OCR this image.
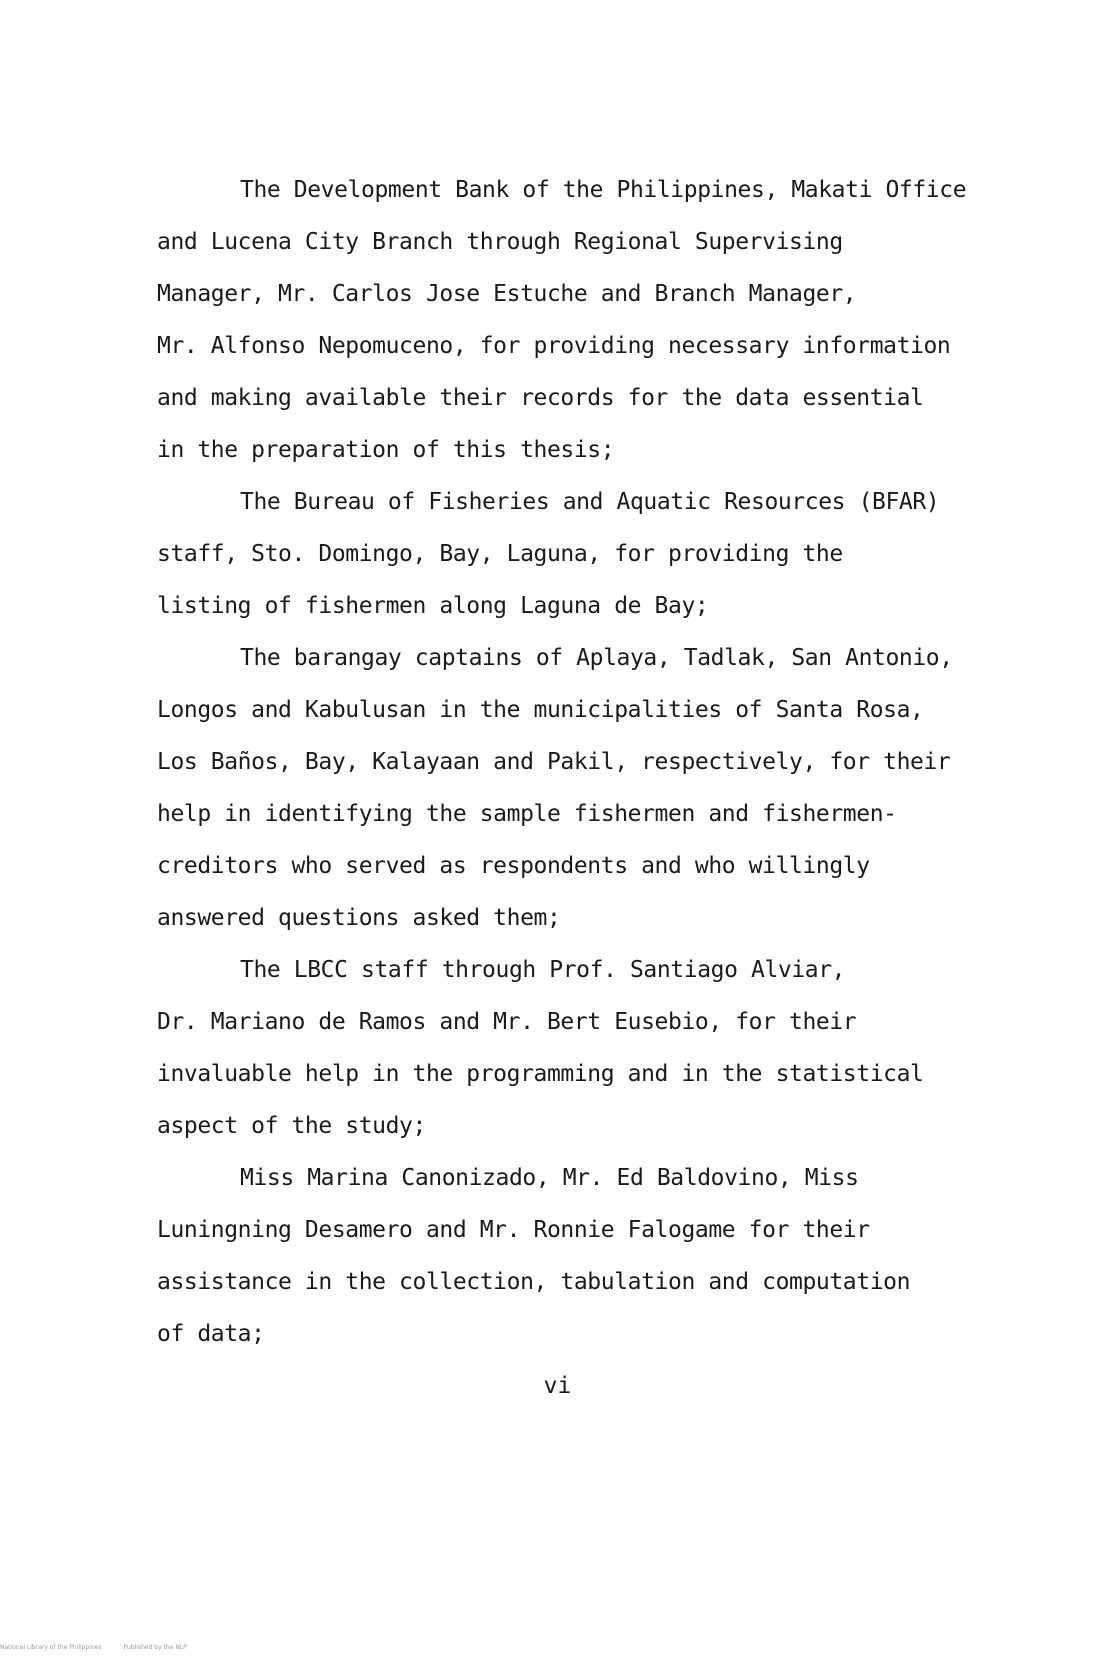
The Development Bank of the Philippines, Makati Office
and Lucena City Branch through Regional Supervising
Manager, Mr. Carlos Jose Estuche and Branch Manager,
Mr. Alfonso Nepomuceno, for providing necessary information
and making available their records for the data essential
in the preparation of this thesis;
The Bureau of Fisheries and Aquatic Resources (BFAR)
staff, Sto. Domingo, Bay, Laguna, for providing the
listing of fishermen along Laguna de Bay;
The barangay captains of Aplaya, Tadlak, San Antonio,
Longos and Kabulusan in the municipalities of Santa Rosa,
Los Baños, Bay, Kalayaan and Pakil, respectively, for their
help in identifying the sample fishermen and fishermen-
creditors who served as respondents and who willingly
answered questions asked them;
The LBCC staff through Prof. Santiago Alviar,
Dr. Mariano de Ramos and Mr. Bert Eusebio, for their
invaluable help in the programming and in the statistical
aspect of the study;
Miss Marina Canonizado, Mr. Ed Baldovino, Miss
Luningning Desamero and Mr. Ronnie Falogame for their
assistance in the collection, tabulation and computation
of data;
vi
National Library of the Philippines	Published by the NLP
